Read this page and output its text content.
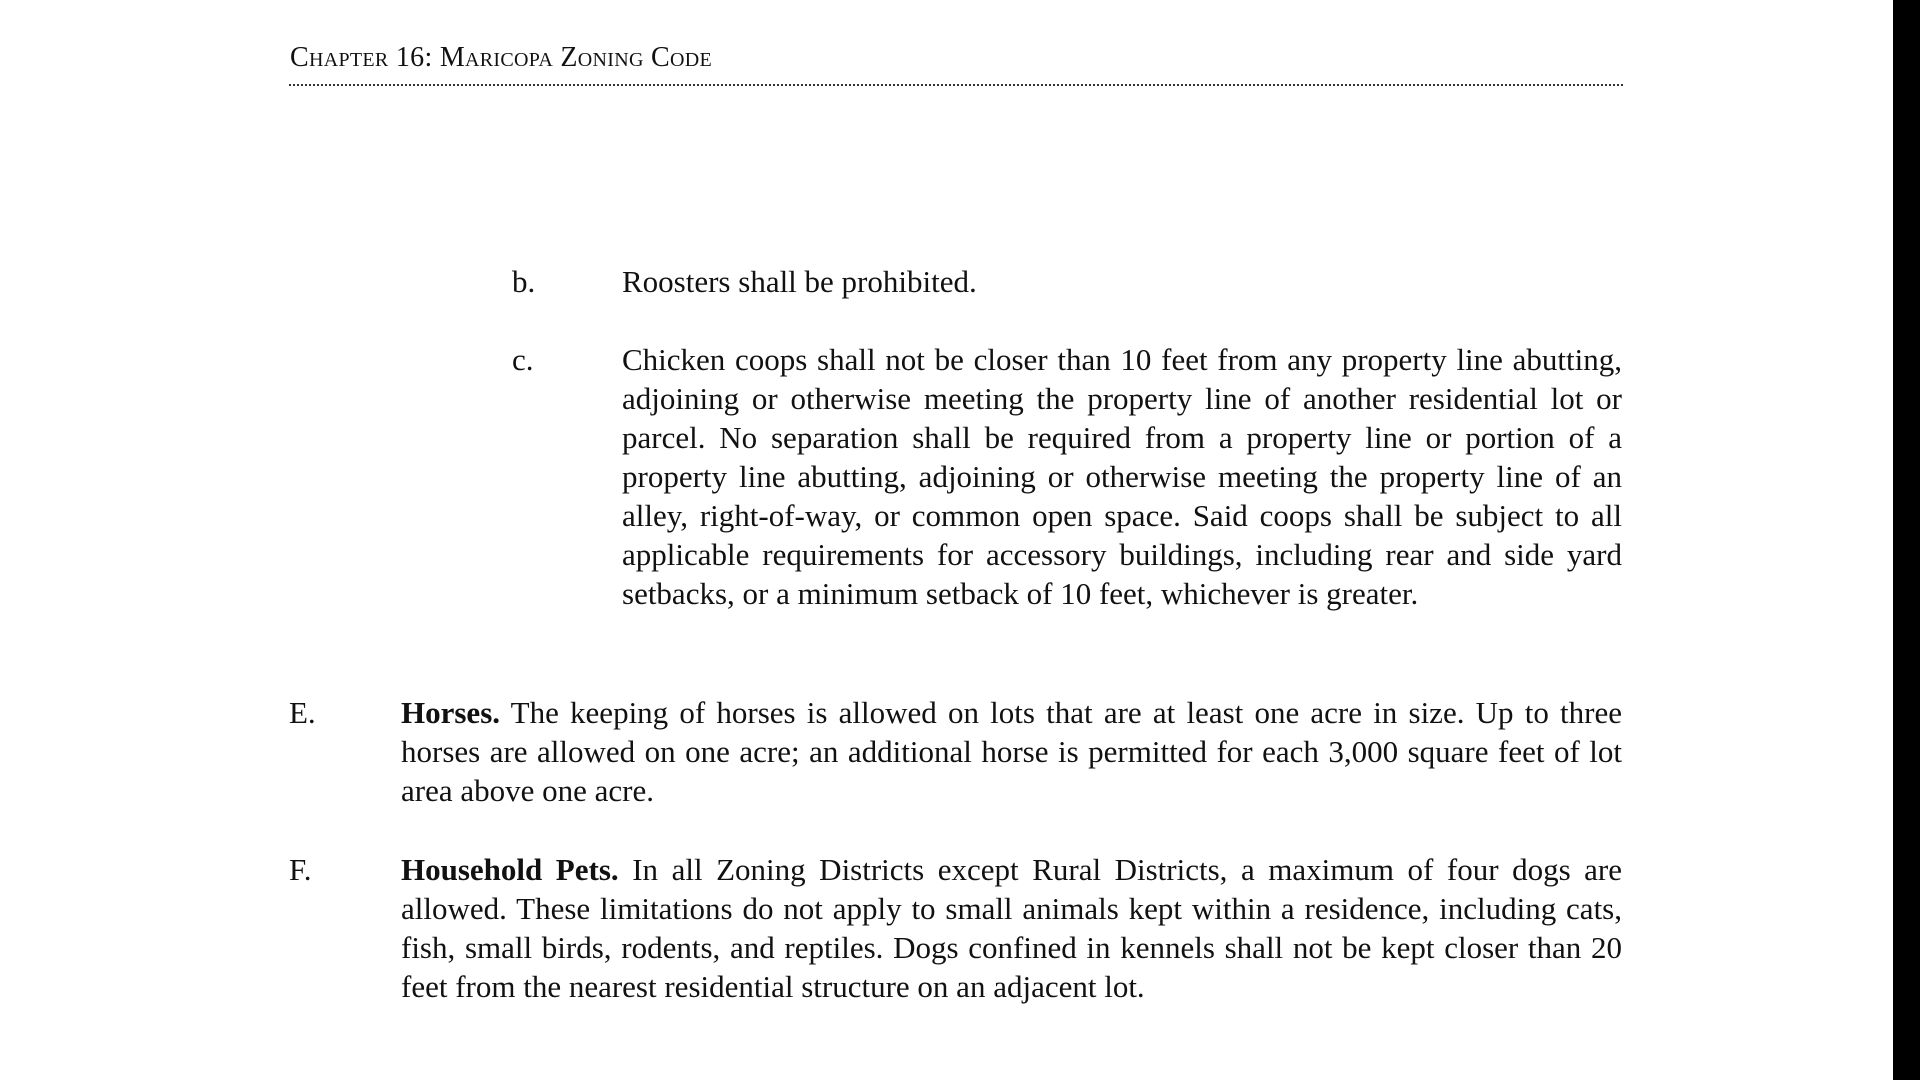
Chapter 16: Maricopa Zoning Code
b.	Roosters shall be prohibited.
c.	Chicken coops shall not be closer than 10 feet from any property line abutting, adjoining or otherwise meeting the property line of another residential lot or parcel. No separation shall be required from a property line or portion of a property line abutting, adjoining or otherwise meeting the property line of an alley, right-of-way, or common open space. Said coops shall be subject to all applicable requirements for accessory buildings, including rear and side yard setbacks, or a minimum setback of 10 feet, whichever is greater.
E.	Horses. The keeping of horses is allowed on lots that are at least one acre in size. Up to three horses are allowed on one acre; an additional horse is permitted for each 3,000 square feet of lot area above one acre.
F.	Household Pets. In all Zoning Districts except Rural Districts, a maximum of four dogs are allowed. These limitations do not apply to small animals kept within a residence, including cats, fish, small birds, rodents, and reptiles. Dogs confined in kennels shall not be kept closer than 20 feet from the nearest residential structure on an adjacent lot.
